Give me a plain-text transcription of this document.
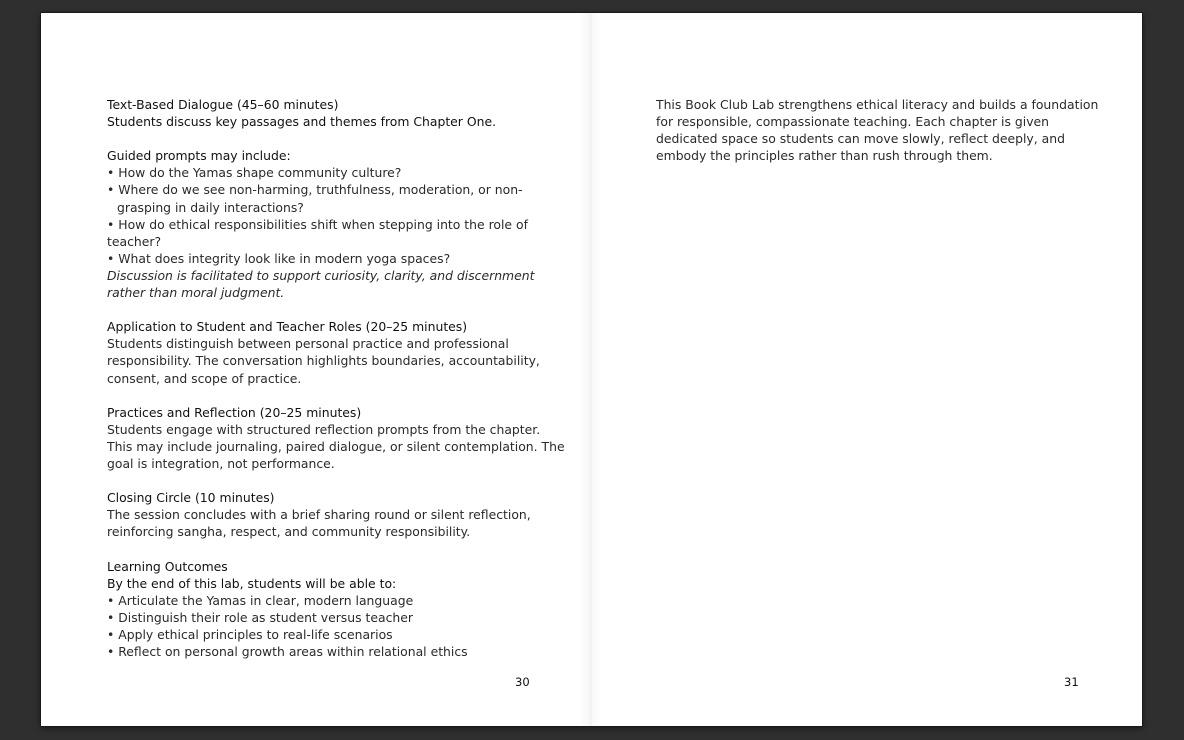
Text-Based Dialogue (45–60 minutes)
Students discuss key passages and themes from Chapter One.
Guided prompts may include:
• How do the Yamas shape community culture?
• Where do we see non-harming, truthfulness, moderation, or non-
grasping in daily interactions?
• How do ethical responsibilities shift when stepping into the role of
teacher?
• What does integrity look like in modern yoga spaces?
Discussion is facilitated to support curiosity, clarity, and discernment
rather than moral judgment.
Application to Student and Teacher Roles (20–25 minutes)
Students distinguish between personal practice and professional
responsibility. The conversation highlights boundaries, accountability,
consent, and scope of practice.
Practices and Reflection (20–25 minutes)
Students engage with structured reflection prompts from the chapter.
This may include journaling, paired dialogue, or silent contemplation. The
goal is integration, not performance.
Closing Circle (10 minutes)
The session concludes with a brief sharing round or silent reflection,
reinforcing sangha, respect, and community responsibility.
Learning Outcomes
By the end of this lab, students will be able to:
• Articulate the Yamas in clear, modern language
• Distinguish their role as student versus teacher
• Apply ethical principles to real-life scenarios
• Reflect on personal growth areas within relational ethics
30
This Book Club Lab strengthens ethical literacy and builds a foundation
for responsible, compassionate teaching. Each chapter is given
dedicated space so students can move slowly, reflect deeply, and
embody the principles rather than rush through them.
31
